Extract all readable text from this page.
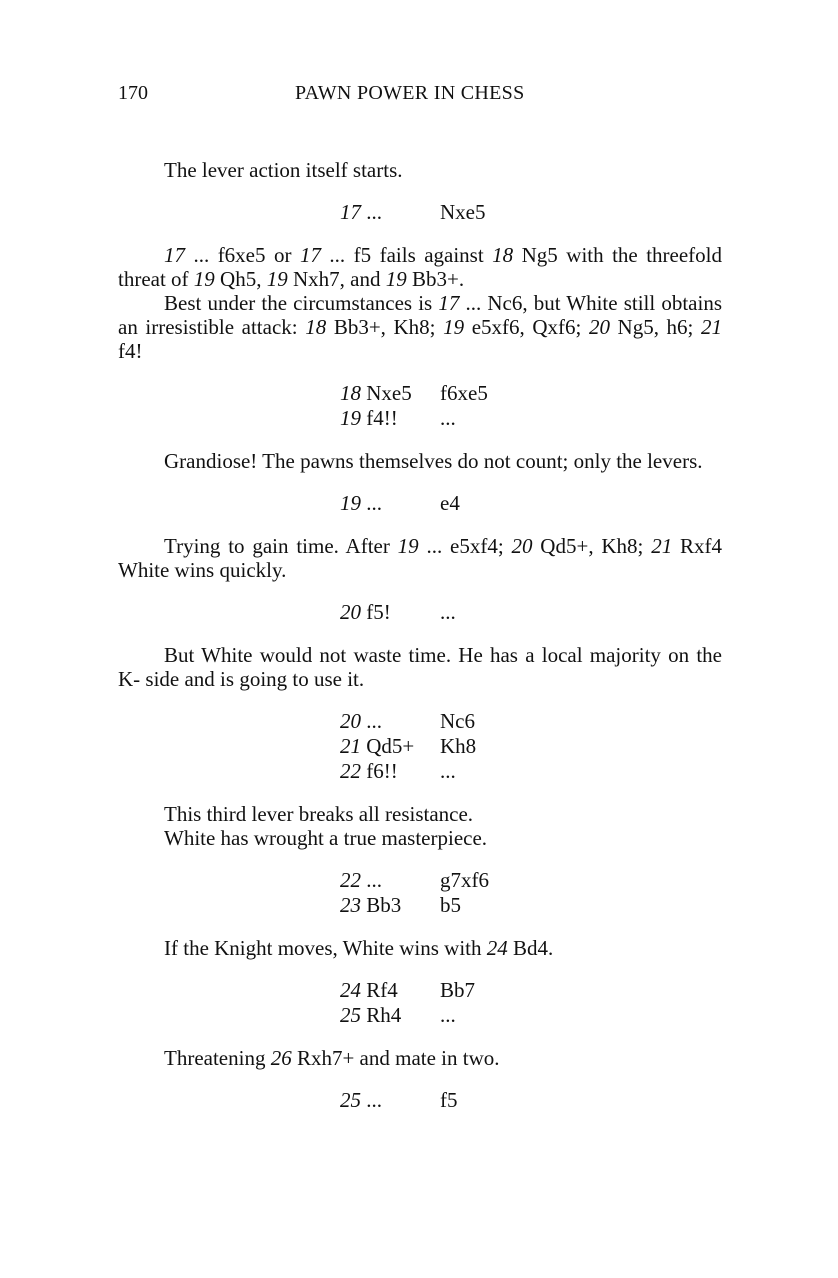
170	PAWN POWER IN CHESS

The lever action itself starts.

17 ...	Nxe5

17 ... f6xe5 or 17 ... f5 fails against 18 Ng5 with the threefold threat of 19 Qh5, 19 Nxh7, and 19 Bb3+.

Best under the circumstances is 17 ... Nc6, but White still obtains an irresistible attack: 18 Bb3+, Kh8; 19 e5xf6, Qxf6; 20 Ng5, h6; 21 f4!

18 Nxe5	f6xe5
19 f4!!	...

Grandiose! The pawns themselves do not count; only the levers.

19 ...	e4

Trying to gain time. After 19 ... e5xf4; 20 Qd5+, Kh8; 21 Rxf4 White wins quickly.

20 f5!	...

But White would not waste time. He has a local majority on the K- side and is going to use it.

20 ...	Nc6
21 Qd5+	Kh8
22 f6!!	...

This third lever breaks all resistance.

White has wrought a true masterpiece.

22 ...	g7xf6
23 Bb3	b5

If the Knight moves, White wins with 24 Bd4.

24 Rf4	Bb7
25 Rh4	...

Threatening 26 Rxh7+ and mate in two.

25 ...	f5
